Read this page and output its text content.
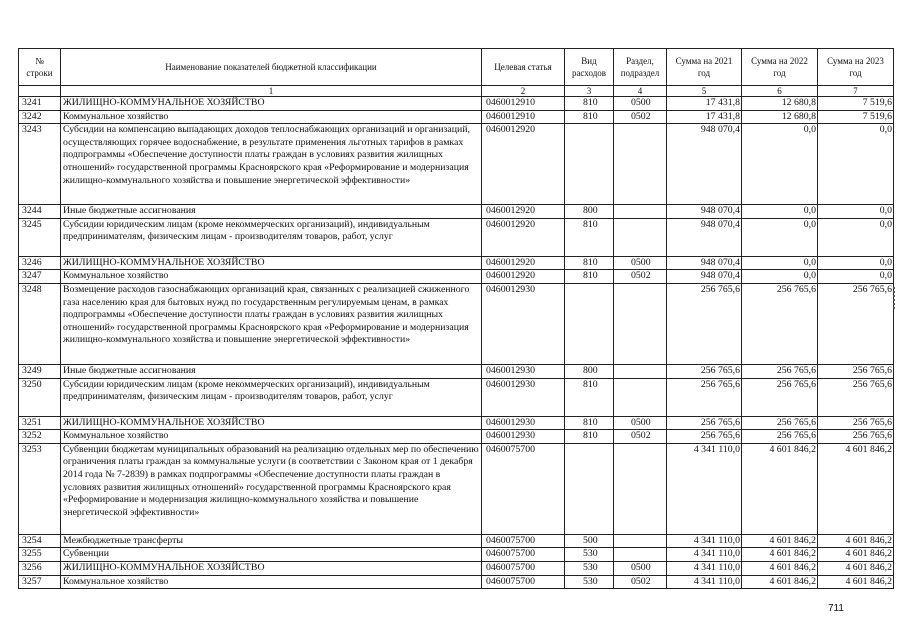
№ строки	Наименование показателей бюджетной классификации	Целевая статья	Вид расходов	Раздел, подраздел	Сумма на 2021 год	Сумма на 2022 год	Сумма на 2023 год
	1	2	3	4	5	6	7
3241	ЖИЛИЩНО-КОММУНАЛЬНОЕ ХОЗЯЙСТВО	0460012910	810	0500	17 431,8	12 680,8	7 519,6
3242	Коммунальное хозяйство	0460012910	810	0502	17 431,8	12 680,8	7 519,6
3243	Субсидии на компенсацию выпадающих доходов теплоснабжающих организаций и организаций, осуществляющих горячее водоснабжение, в результате применения льготных тарифов в рамках подпрограммы «Обеспечение доступности платы граждан в условиях развития жилищных отношений» государственной программы Красноярского края «Реформирование и модернизация жилищно-коммунального хозяйства и повышение энергетической эффективности»	0460012920			948 070,4	0,0	0,0
3244	Иные бюджетные ассигнования	0460012920	800		948 070,4	0,0	0,0
3245	Субсидии юридическим лицам (кроме некоммерческих организаций), индивидуальным предпринимателям, физическим лицам - производителям товаров, работ, услуг	0460012920	810		948 070,4	0,0	0,0
3246	ЖИЛИЩНО-КОММУНАЛЬНОЕ ХОЗЯЙСТВО	0460012920	810	0500	948 070,4	0,0	0,0
3247	Коммунальное хозяйство	0460012920	810	0502	948 070,4	0,0	0,0
3248	Возмещение расходов газоснабжающих организаций края, связанных с реализацией сжиженного газа населению края для бытовых нужд по государственным регулируемым ценам, в рамках подпрограммы «Обеспечение доступности платы граждан в условиях развития жилищных отношений» государственной программы Красноярского края «Реформирование и модернизация жилищно-коммунального хозяйства и повышение энергетической эффективности»	0460012930			256 765,6	256 765,6	256 765,6
3249	Иные бюджетные ассигнования	0460012930	800		256 765,6	256 765,6	256 765,6
3250	Субсидии юридическим лицам (кроме некоммерческих организаций), индивидуальным предпринимателям, физическим лицам - производителям товаров, работ, услуг	0460012930	810		256 765,6	256 765,6	256 765,6
3251	ЖИЛИЩНО-КОММУНАЛЬНОЕ ХОЗЯЙСТВО	0460012930	810	0500	256 765,6	256 765,6	256 765,6
3252	Коммунальное хозяйство	0460012930	810	0502	256 765,6	256 765,6	256 765,6
3253	Субвенции бюджетам муниципальных образований на реализацию отдельных мер по обеспечению ограничения платы граждан за коммунальные услуги (в соответствии с Законом края от 1 декабря 2014 года № 7-2839) в рамках подпрограммы «Обеспечение доступности платы граждан в условиях развития жилищных отношений» государственной программы Красноярского края «Реформирование и модернизация жилищно-коммунального хозяйства и повышение энергетической эффективности»	0460075700			4 341 110,0	4 601 846,2	4 601 846,2
3254	Межбюджетные трансферты	0460075700	500		4 341 110,0	4 601 846,2	4 601 846,2
3255	Субвенции	0460075700	530		4 341 110,0	4 601 846,2	4 601 846,2
3256	ЖИЛИЩНО-КОММУНАЛЬНОЕ ХОЗЯЙСТВО	0460075700	530	0500	4 341 110,0	4 601 846,2	4 601 846,2
3257	Коммунальное хозяйство	0460075700	530	0502	4 341 110,0	4 601 846,2	4 601 846,2
711
